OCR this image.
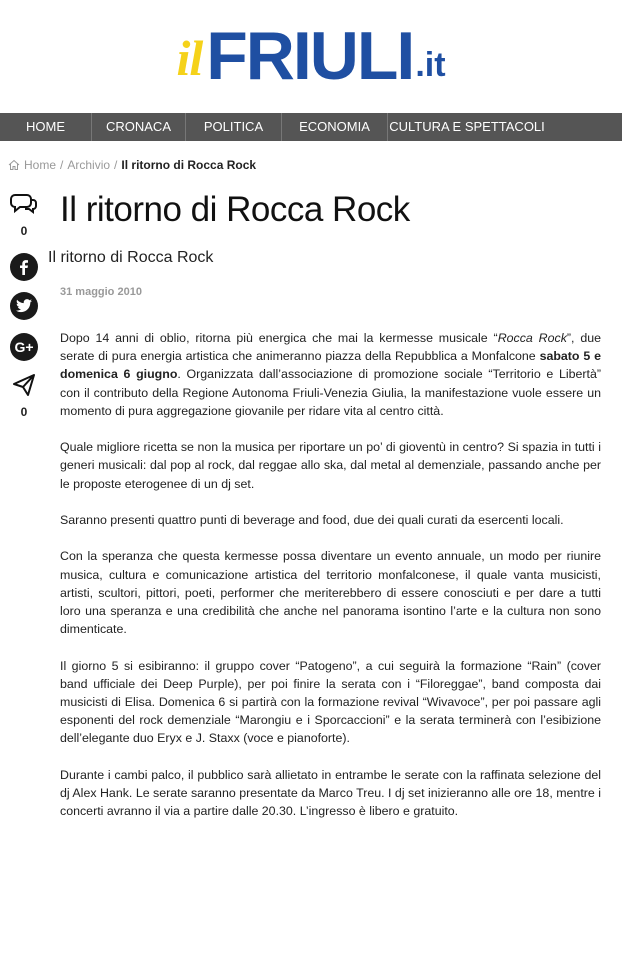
il FRIULI .it
HOME	CRONACA	POLITICA	ECONOMIA	CULTURA E SPETTACOLI
Home / Archivio / Il ritorno di Rocca Rock
0
G+
0
Il ritorno di Rocca Rock
Il ritorno di Rocca Rock
31 maggio 2010

Dopo 14 anni di oblio, ritorna più energica che mai la kermesse musicale “Rocca Rock”, due serate di pura energia artistica che animeranno piazza della Repubblica a Monfalcone sabato 5 e domenica 6 giugno. Organizzata dall’associazione di promozione sociale “Territorio e Libertà” con il contributo della Regione Autonoma Friuli-Venezia Giulia, la manifestazione vuole essere un momento di pura aggregazione giovanile per ridare vita al centro città.

Quale migliore ricetta se non la musica per riportare un po’ di gioventù in centro? Si spazia in tutti i generi musicali: dal pop al rock, dal reggae allo ska, dal metal al demenziale, passando anche per le proposte eterogenee di un dj set.

Saranno presenti quattro punti di beverage and food, due dei quali curati da esercenti locali.

Con la speranza che questa kermesse possa diventare un evento annuale, un modo per riunire musica, cultura e comunicazione artistica del territorio monfalconese, il quale vanta musicisti, artisti, scultori, pittori, poeti, performer che meriterebbero di essere conosciuti e per dare a tutti loro una speranza e una credibilità che anche nel panorama isontino l’arte e la cultura non sono dimenticate.

Il giorno 5 si esibiranno: il gruppo cover “Patogeno”, a cui seguirà la formazione “Rain” (cover band ufficiale dei Deep Purple), per poi finire la serata con i “Filoreggae”, band composta dai musicisti di Elisa. Domenica 6 si partirà con la formazione revival “Wivavoce”, per poi passare agli esponenti del rock demenziale “Marongiu e i Sporcaccioni” e la serata terminerà con l’esibizione dell’elegante duo Eryx e J. Staxx (voce e pianoforte).

Durante i cambi palco, il pubblico sarà allietato in entrambe le serate con la raffinata selezione del dj Alex Hank. Le serate saranno presentate da Marco Treu. I dj set inizieranno alle ore 18, mentre i concerti avranno il via a partire dalle 20.30. L’ingresso è libero e gratuito.
